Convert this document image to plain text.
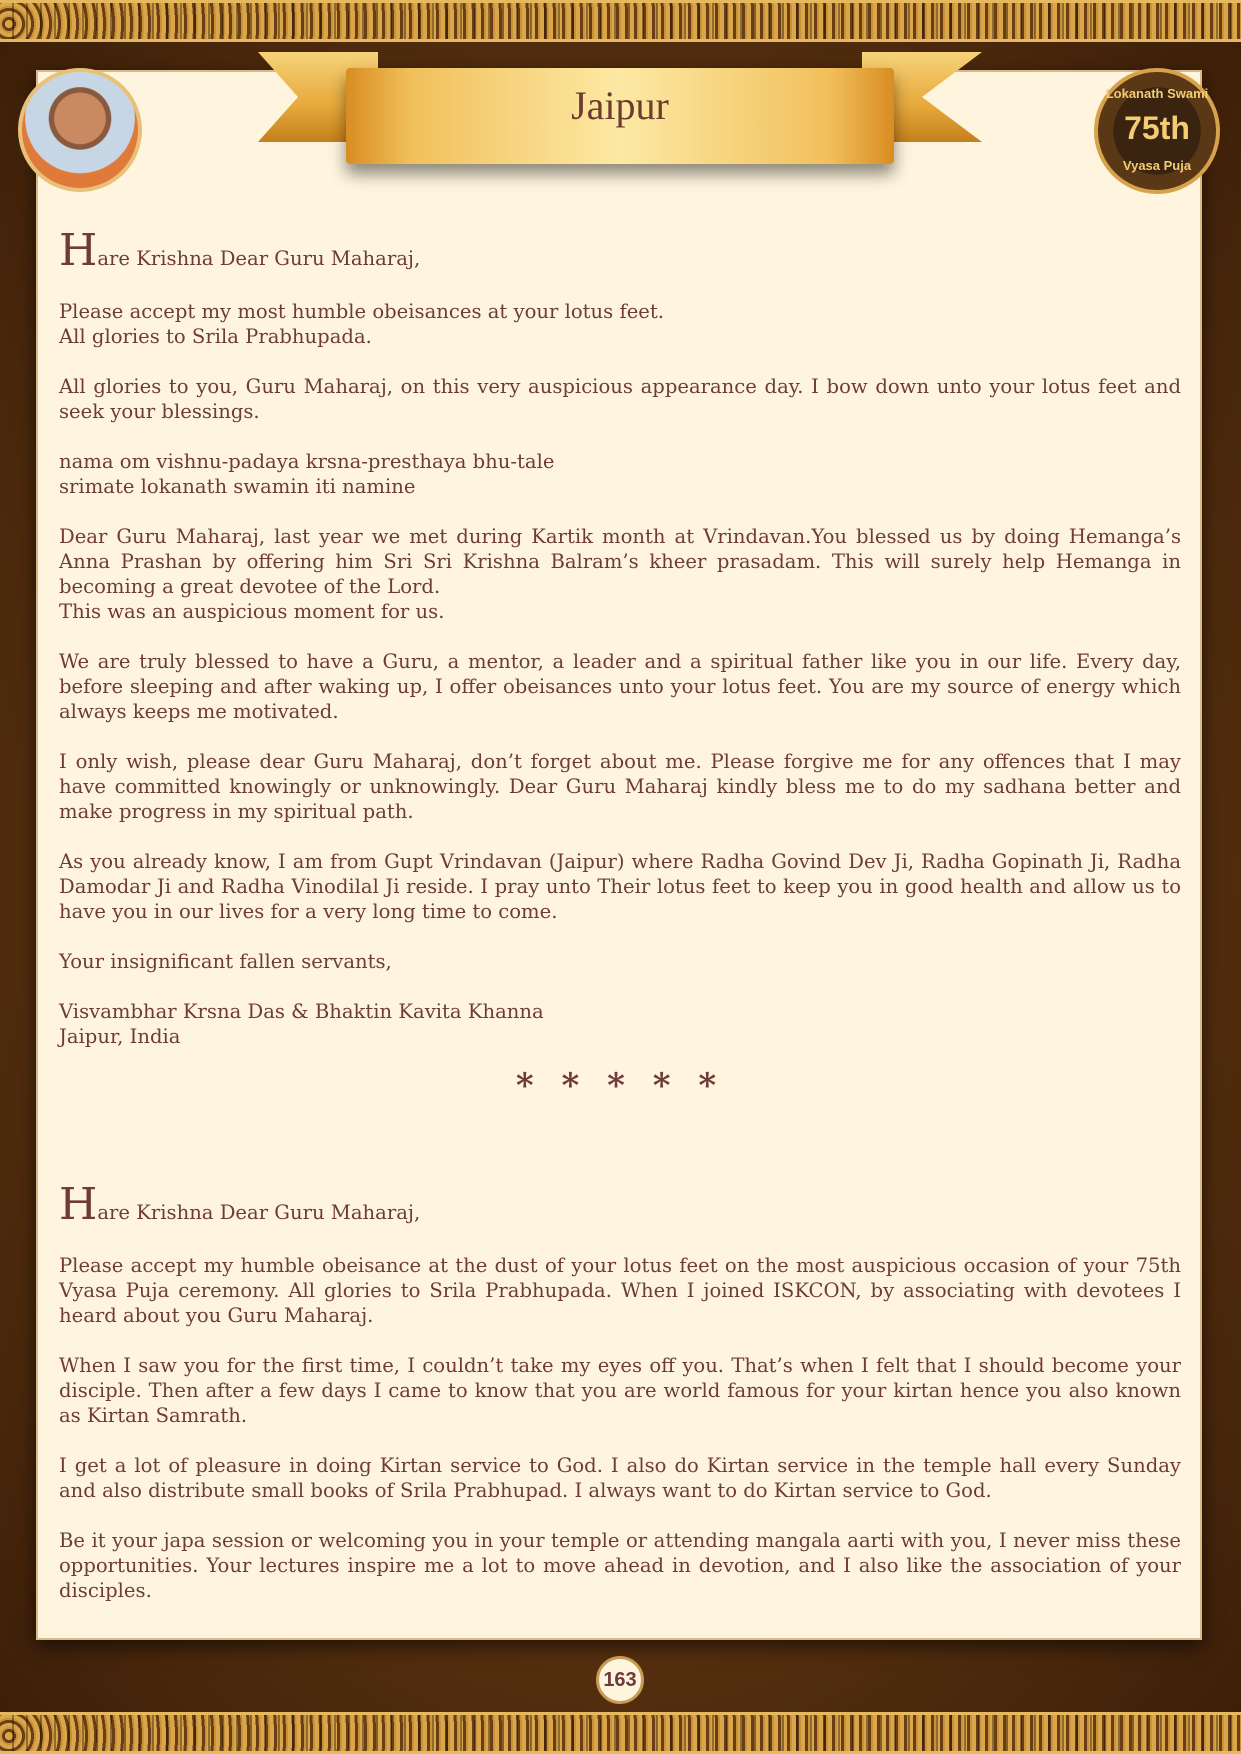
Jaipur	Lokanath Swami
75th
Vyasa Puja
Hare Krishna Dear Guru Maharaj,

Please accept my most humble obeisances at your lotus feet.

All glories to Srila Prabhupada.

All glories to you, Guru Maharaj, on this very auspicious appearance day. I bow down unto your lotus feet and seek your blessings.

nama om vishnu-padaya krsna-presthaya bhu-tale

srimate lokanath swamin iti namine

Dear Guru Maharaj, last year we met during Kartik month at Vrindavan.You blessed us by doing Hemanga’s Anna Prashan by offering him Sri Sri Krishna Balram’s kheer prasadam. This will surely help Hemanga in becoming a great devotee of the Lord.

This was an auspicious moment for us.

We are truly blessed to have a Guru, a mentor, a leader and a spiritual father like you in our life. Every day, before sleeping and after waking up, I offer obeisances unto your lotus feet. You are my source of energy which always keeps me motivated.

I only wish, please dear Guru Maharaj, don’t forget about me. Please forgive me for any offences that I may have committed knowingly or unknowingly. Dear Guru Maharaj kindly bless me to do my sadhana better and make progress in my spiritual path.

As you already know, I am from Gupt Vrindavan (Jaipur) where Radha Govind Dev Ji, Radha Gopinath Ji, Radha Damodar Ji and Radha Vinodilal Ji reside. I pray unto Their lotus feet to keep you in good health and allow us to have you in our lives for a very long time to come.

Your insignificant fallen servants,

Visvambhar Krsna Das & Bhaktin Kavita Khanna

Jaipur, India

* * * * *
Hare Krishna Dear Guru Maharaj,

Please accept my humble obeisance at the dust of your lotus feet on the most auspicious occasion of your 75th Vyasa Puja ceremony. All glories to Srila Prabhupada. When I joined ISKCON, by associating with devotees I heard about you Guru Maharaj.

When I saw you for the first time, I couldn’t take my eyes off you. That’s when I felt that I should become your disciple. Then after a few days I came to know that you are world famous for your kirtan hence you also known as Kirtan Samrath.

I get a lot of pleasure in doing Kirtan service to God. I also do Kirtan service in the temple hall every Sunday and also distribute small books of Srila Prabhupad. I always want to do Kirtan service to God.

Be it your japa session or welcoming you in your temple or attending mangala aarti with you, I never miss these opportunities. Your lectures inspire me a lot to move ahead in devotion, and I also like the association of your disciples.

163
